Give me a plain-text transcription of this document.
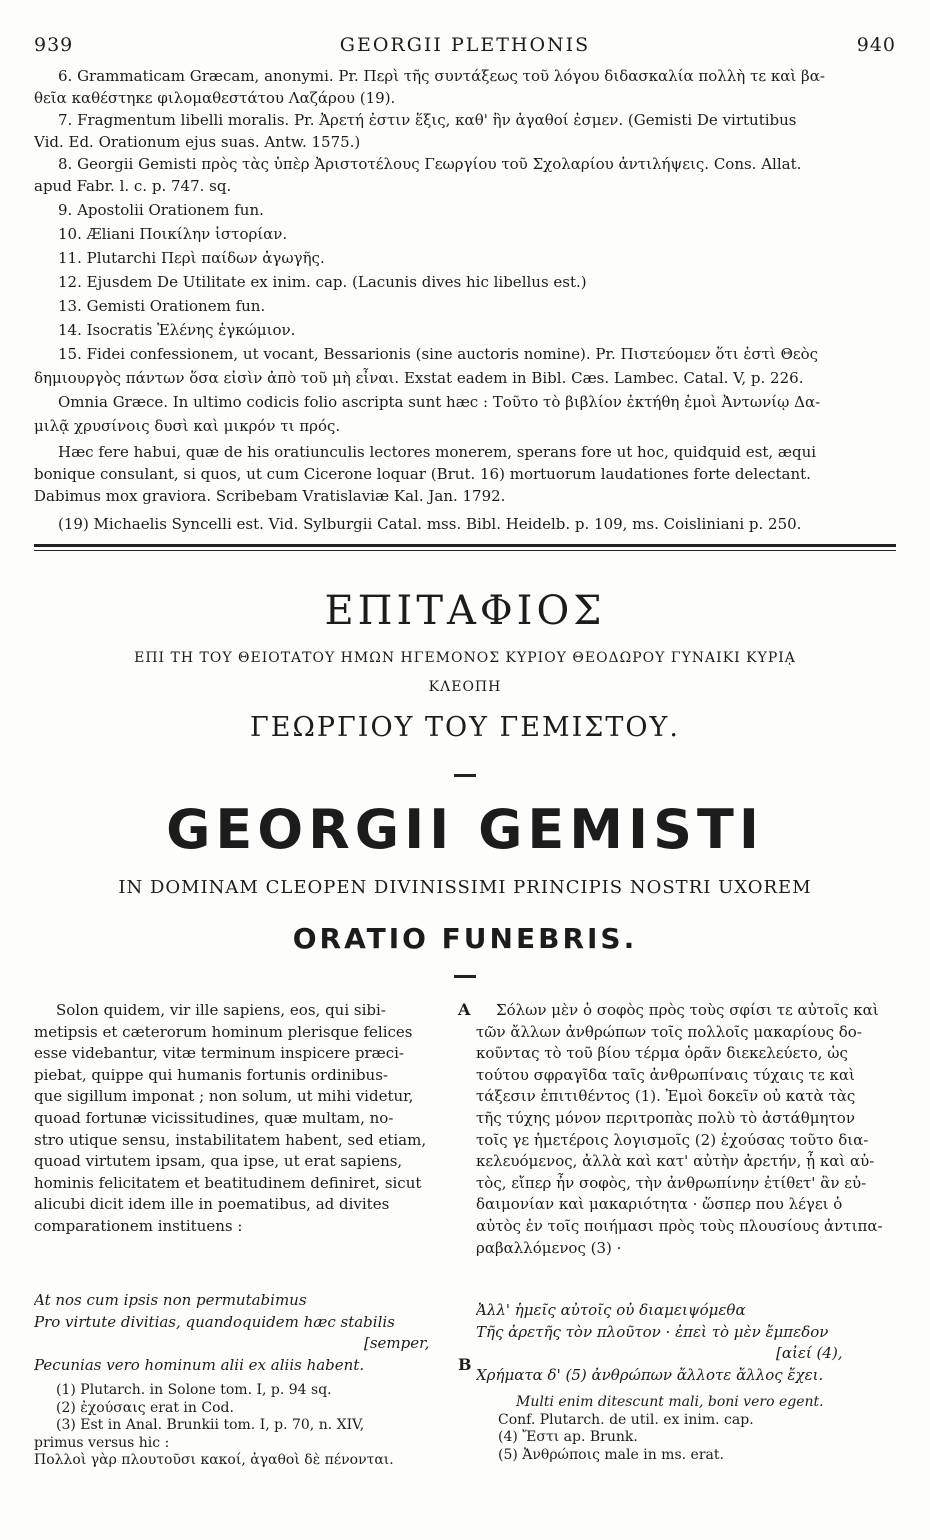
939	GEORGII PLETHONIS	940
6. Grammaticam Græcam, anonymi. Pr. Περὶ τῆς συντάξεως τοῦ λόγου διδασκαλία πολλὴ τε καὶ βα-
θεῖα καθέστηκε φιλομαθεστάτου Λαζάρου (19).
7. Fragmentum libelli moralis. Pr. Ἀρετή ἐστιν ἕξις, καθ' ἣν ἀγαθοί ἐσμεν. (Gemisti De virtutibus
Vid. Ed. Orationum ejus suas. Antw. 1575.)
8. Georgii Gemisti πρὸς τὰς ὑπὲρ Ἀριστοτέλους Γεωργίου τοῦ Σχολαρίου ἀντιλήψεις. Cons. Allat.
apud Fabr. l. c. p. 747. sq.
9. Apostolii Orationem fun.
10. Æliani Ποικίλην ἱστορίαν.
11. Plutarchi Περὶ παίδων ἀγωγῆς.
12. Ejusdem De Utilitate ex inim. cap. (Lacunis dives hic libellus est.)
13. Gemisti Orationem fun.
14. Isocratis Ἑλένης ἐγκώμιον.
15. Fidei confessionem, ut vocant, Bessarionis (sine auctoris nomine). Pr. Πιστεύομεν ὅτι ἐστὶ Θεὸς
δημιουργὸς πάντων ὅσα εἰσὶν ἀπὸ τοῦ μὴ εἶναι. Exstat eadem in Bibl. Cæs. Lambec. Catal. V, p. 226.
Omnia Græce. In ultimo codicis folio ascripta sunt hæc : Τοῦτο τὸ βιβλίον ἐκτήθη ἐμοὶ Ἀντωνίῳ Δα-
μιλᾷ χρυσίνοις δυσὶ καὶ μικρόν τι πρός.
Hæc fere habui, quæ de his oratiunculis lectores monerem, sperans fore ut hoc, quidquid est, æqui
bonique consulant, si quos, ut cum Cicerone loquar (Brut. 16) mortuorum laudationes forte delectant.
Dabimus mox graviora. Scribebam Vratislaviæ Kal. Jan. 1792.
(19) Michaelis Syncelli est. Vid. Sylburgii Catal. mss. Bibl. Heidelb. p. 109, ms. Coisliniani p. 250.
ΕΠΙΤΑΦΙΟΣ
ΕΠΙ ΤΗ ΤΟΥ ΘΕΙΟΤΑΤΟΥ ΗΜΩΝ ΗΓΕΜΟΝΟΣ ΚΥΡΙΟΥ ΘΕΟΔΩΡΟΥ ΓΥΝΑΙΚΙ ΚΥΡΙᾼ
ΚΛΕΟΠΗ
ΓΕΩΡΓΙΟΥ ΤΟΥ ΓΕΜΙΣΤΟΥ.
GEORGII GEMISTI
IN DOMINAM CLEOPEN DIVINISSIMI PRINCIPIS NOSTRI UXOREM
ORATIO FUNEBRIS.
Solon quidem, vir ille sapiens, eos, qui sibi-
metipsis et cæterorum hominum plerisque felices
esse videbantur, vitæ terminum inspicere præci-
piebat, quippe qui humanis fortunis ordinibus-
que sigillum imponat ; non solum, ut mihi videtur,
quoad fortunæ vicissitudines, quæ multam, no-
stro utique sensu, instabilitatem habent, sed etiam,
quoad virtutem ipsam, qua ipse, ut erat sapiens,
hominis felicitatem et beatitudinem definiret, sicut
alicubi dicit idem ille in poematibus, ad divites
comparationem instituens :
At nos cum ipsis non permutabimus
Pro virtute divitias, quandoquidem hæc stabilis
[semper,
Pecunias vero hominum alii ex aliis habent.
(1) Plutarch. in Solone tom. I, p. 94 sq.
(2) ἐχούσαις erat in Cod.
(3) Est in Anal. Brunkii tom. I, p. 70, n. XIV,
primus versus hic :
Πολλοὶ γὰρ πλουτοῦσι κακοί, ἀγαθοὶ δὲ πένονται.
A
B
Σόλων μὲν ὁ σοφὸς πρὸς τοὺς σφίσι τε αὐτοῖς καὶ
τῶν ἄλλων ἀνθρώπων τοῖς πολλοῖς μακαρίους δο-
κοῦντας τὸ τοῦ βίου τέρμα ὁρᾶν διεκελεύετο, ὡς
τούτου σφραγῖδα ταῖς ἀνθρωπίναις τύχαις τε καὶ
τάξεσιν ἐπιτιθέντος (1). Ἐμοὶ δοκεῖν οὐ κατὰ τὰς
τῆς τύχης μόνον περιτροπὰς πολὺ τὸ ἀστάθμητον
τοῖς γε ἡμετέροις λογισμοῖς (2) ἐχούσας τοῦτο δια-
κελευόμενος, ἀλλὰ καὶ κατ' αὐτὴν ἀρετήν, ᾗ καὶ αὐ-
τὸς, εἴπερ ἦν σοφὸς, τὴν ἀνθρωπίνην ἐτίθετ' ἂν εὐ-
δαιμονίαν καὶ μακαριότητα · ὥσπερ που λέγει ὁ
αὐτὸς ἐν τοῖς ποιήμασι πρὸς τοὺς πλουσίους ἀντιπα-
ραβαλλόμενος (3) ·
Ἀλλ' ἡμεῖς αὐτοῖς οὐ διαμειψόμεθα
Τῆς ἀρετῆς τὸν πλοῦτον · ἐπεὶ τὸ μὲν ἔμπεδον
[αἰεί (4),
Χρήματα δ' (5) ἀνθρώπων ἄλλοτε ἄλλος ἔχει.
Multi enim ditescunt mali, boni vero egent.
Conf. Plutarch. de util. ex inim. cap.
(4) Ἔστι ap. Brunk.
(5) Ἀνθρώποις male in ms. erat.
